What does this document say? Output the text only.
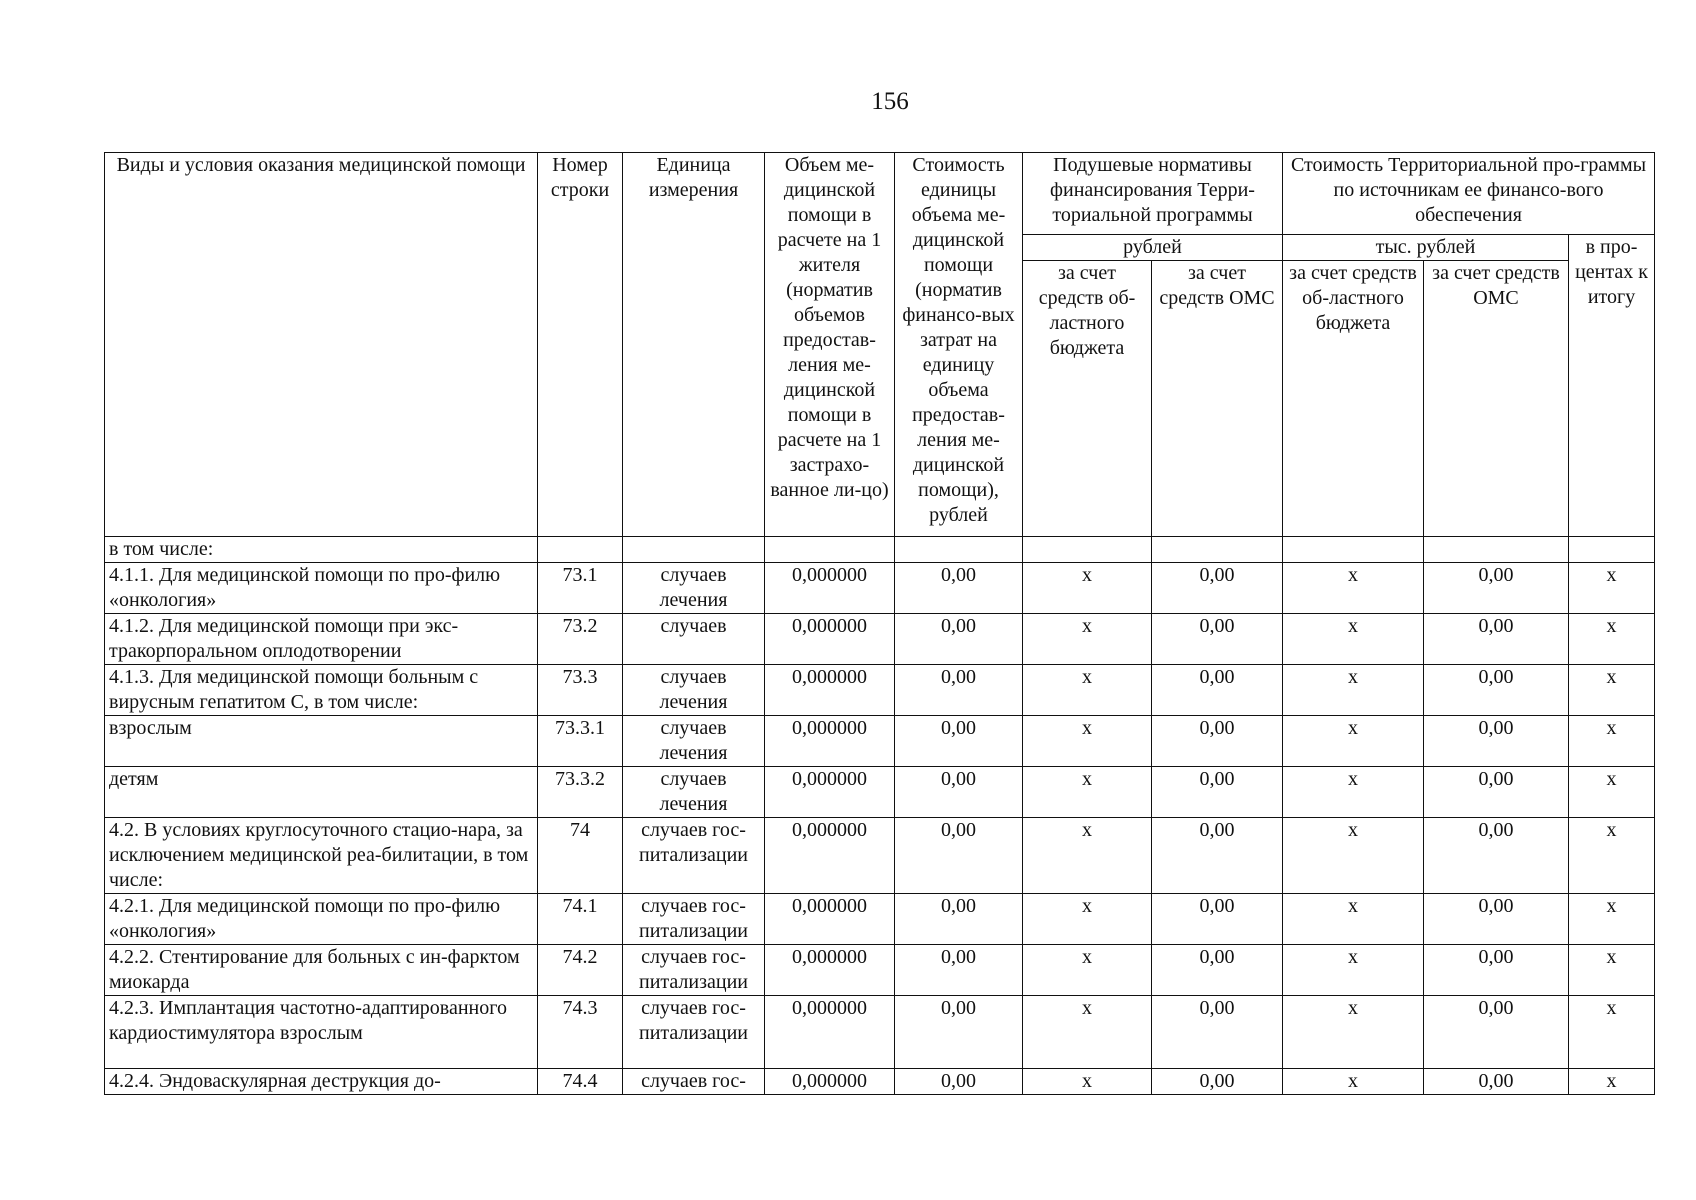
156
Виды и условия оказания медицинской помощи	Номер строки	Единица измерения	Объем ме-дицинской помощи в расчете на 1 жителя (норматив объемов предостав-ления ме-дицинской помощи в расчете на 1 застрахо-ванное ли-цо)	Стоимость единицы объема ме-дицинской помощи (норматив финансо-вых затрат на единицу объема предостав-ления ме-дицинской помощи), рублей	Подушевые нормативы финансирования Терри-ториальной программы		Стоимость Территориальной про-граммы по источникам ее финансо-вого обеспечения		
					рублей		тыс. рублей		в про-центах к итогу
					за счет средств об-ластного бюджета	за счет средств ОМС	за счет средств об-ластного бюджета	за счет средств ОМС	
в том числе:									
4.1.1. Для медицинской помощи по про-филю «онкология»	73.1	случаев лечения	0,000000	0,00	х	0,00	х	0,00	х
4.1.2. Для медицинской помощи при экс-тракорпоральном оплодотворении	73.2	случаев	0,000000	0,00	х	0,00	х	0,00	х
4.1.3. Для медицинской помощи больным с вирусным гепатитом С, в том числе:	73.3	случаев лечения	0,000000	0,00	х	0,00	х	0,00	х
взрослым	73.3.1	случаев лечения	0,000000	0,00	х	0,00	х	0,00	х
детям	73.3.2	случаев лечения	0,000000	0,00	х	0,00	х	0,00	х
4.2. В условиях круглосуточного стацио-нара, за исключением медицинской реа-билитации, в том числе:	74	случаев гос-питализации	0,000000	0,00	х	0,00	х	0,00	х
4.2.1. Для медицинской помощи по про-филю «онкология»	74.1	случаев гос-питализации	0,000000	0,00	х	0,00	х	0,00	х
4.2.2. Стентирование для больных с ин-фарктом миокарда	74.2	случаев гос-питализации	0,000000	0,00	х	0,00	х	0,00	х
4.2.3. Имплантация частотно-адаптированного кардиостимулятора взрослым	74.3	случаев гос-питализации	0,000000	0,00	х	0,00	х	0,00	х
4.2.4. Эндоваскулярная деструкция до-	74.4	случаев гос-	0,000000	0,00	х	0,00	х	0,00	х
